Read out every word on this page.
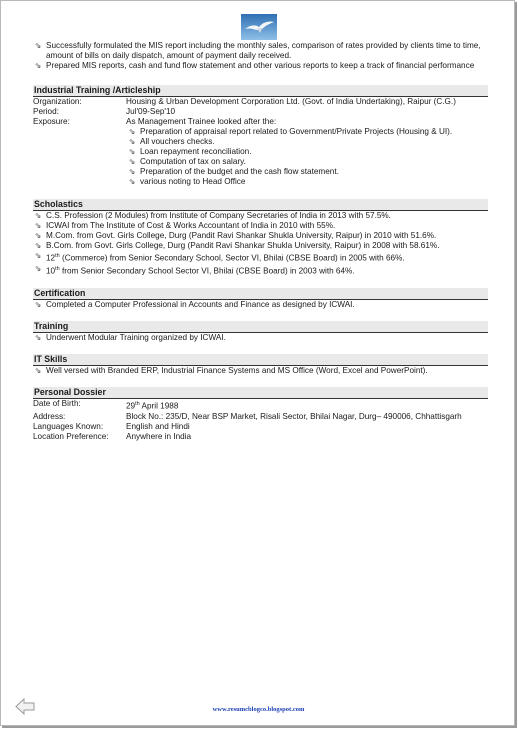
⇘ Successfully formulated the MIS report including the monthly sales, comparison of rates provided by clients time to time, amount of bills on daily dispatch, amount of payment daily received.
⇘ Prepared MIS reports, cash and fund flow statement and other various reports to keep a track of financial performance
Industrial Training /Articleship
Organization:	Housing & Urban Development Corporation Ltd. (Govt. of India Undertaking), Raipur (C.G.)
Period:	Jul'09-Sep'10
Exposure:	As Management Trainee looked after the:
⇘ Preparation of appraisal report related to Government/Private Projects (Housing & UI).
⇘ All vouchers checks.
⇘ Loan repayment reconciliation.
⇘ Computation of tax on salary.
⇘ Preparation of the budget and the cash flow statement.
⇘ various noting to Head Office
Scholastics
⇘ C.S. Profession (2 Modules) from Institute of Company Secretaries of India in 2013 with 57.5%.
⇘ ICWAI from The Institute of Cost & Works Accountant of India in 2010 with 55%.
⇘ M.Com. from Govt. Girls College, Durg (Pandit Ravi Shankar Shukla University, Raipur) in 2010 with 51.6%.
⇘ B.Com. from Govt. Girls College, Durg (Pandit Ravi Shankar Shukla University, Raipur) in 2008 with 58.61%.
⇘ 12th (Commerce) from Senior Secondary School, Sector VI, Bhilai (CBSE Board) in 2005 with 66%.
⇘ 10th from Senior Secondary School Sector VI, Bhilai (CBSE Board) in 2003 with 64%.
Certification
⇘ Completed a Computer Professional in Accounts and Finance as designed by ICWAI.
Training
⇘ Underwent Modular Training organized by ICWAI.
IT Skills
⇘ Well versed with Branded ERP, Industrial Finance Systems and MS Office (Word, Excel and PowerPoint).
Personal Dossier
Date of Birth:	29th April 1988
Address:	Block No.: 235/D, Near BSP Market, Risali Sector, Bhilai Nagar, Durg– 490006, Chhattisgarh
Languages Known:	English and Hindi
Location Preference:	Anywhere in India
www.resumcblogco.blogspot.com
